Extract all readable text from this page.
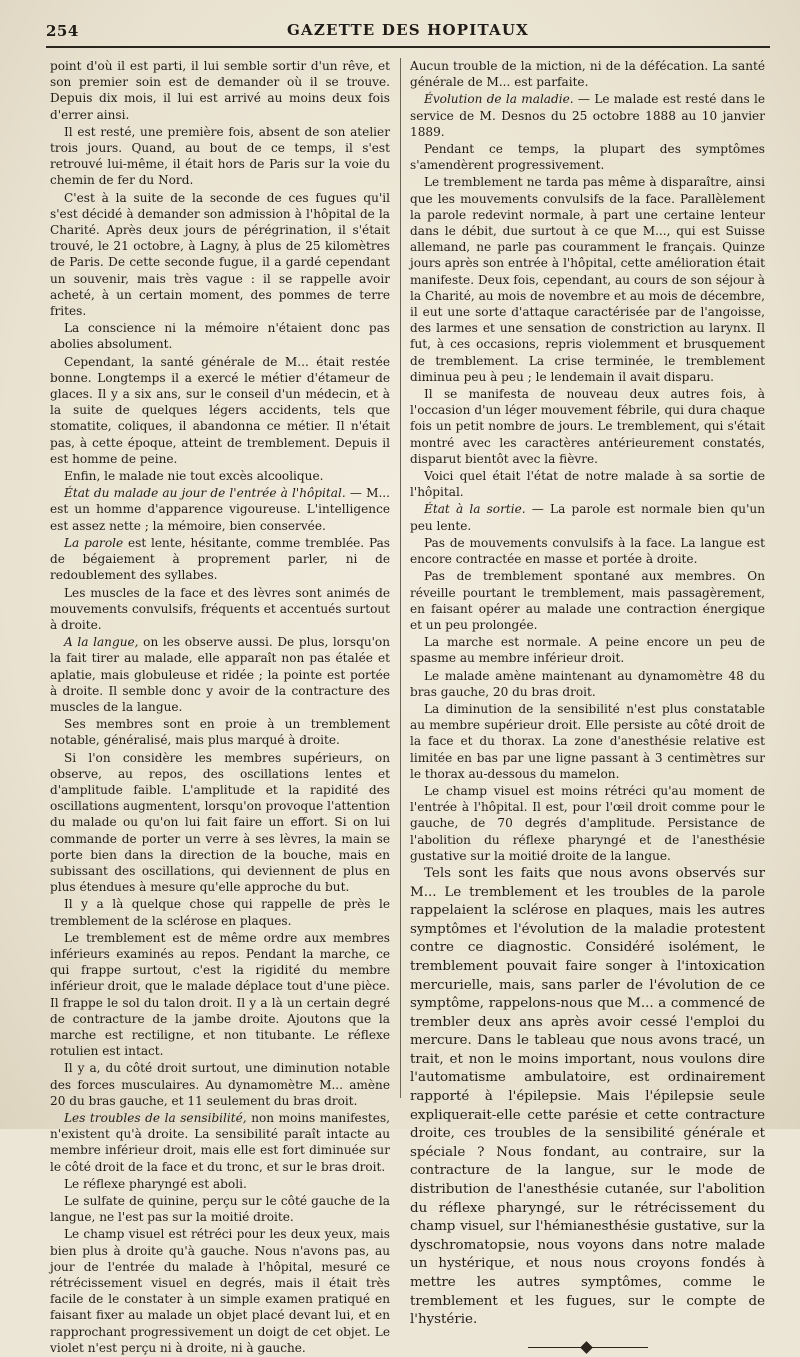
254	GAZETTE DES HOPITAUX

point d'où il est parti, il lui semble sortir d'un rêve, et son premier soin est de demander où il se trouve. Depuis dix mois, il lui est arrivé au moins deux fois d'errer ainsi.

Il est resté, une première fois, absent de son atelier trois jours. Quand, au bout de ce temps, il s'est retrouvé lui-même, il était hors de Paris sur la voie du chemin de fer du Nord.

C'est à la suite de la seconde de ces fugues qu'il s'est décidé à demander son admission à l'hôpital de la Charité. Après deux jours de pérégrination, il s'était trouvé, le 21 octobre, à Lagny, à plus de 25 kilomètres de Paris. De cette seconde fugue, il a gardé cependant un souvenir, mais très vague : il se rappelle avoir acheté, à un certain moment, des pommes de terre frites.

La conscience ni la mémoire n'étaient donc pas abolies absolument.

Cependant, la santé générale de M... était restée bonne. Longtemps il a exercé le métier d'étameur de glaces. Il y a six ans, sur le conseil d'un médecin, et à la suite de quelques légers accidents, tels que stomatite, coliques, il abandonna ce métier. Il n'était pas, à cette époque, atteint de tremblement. Depuis il est homme de peine.

Enfin, le malade nie tout excès alcoolique.

État du malade au jour de l'entrée à l'hôpital. — M... est un homme d'apparence vigoureuse. L'intelligence est assez nette ; la mémoire, bien conservée.

La parole est lente, hésitante, comme tremblée. Pas de bégaiement à proprement parler, ni de redoublement des syllabes.

Les muscles de la face et des lèvres sont animés de mouvements convulsifs, fréquents et accentués surtout à droite.

A la langue, on les observe aussi. De plus, lorsqu'on la fait tirer au malade, elle apparaît non pas étalée et aplatie, mais globuleuse et ridée ; la pointe est portée à droite. Il semble donc y avoir de la contracture des muscles de la langue.

Ses membres sont en proie à un tremblement notable, généralisé, mais plus marqué à droite.

Si l'on considère les membres supérieurs, on observe, au repos, des oscillations lentes et d'amplitude faible. L'amplitude et la rapidité des oscillations augmentent, lorsqu'on provoque l'attention du malade ou qu'on lui fait faire un effort. Si on lui commande de porter un verre à ses lèvres, la main se porte bien dans la direction de la bouche, mais en subissant des oscillations, qui deviennent de plus en plus étendues à mesure qu'elle approche du but.

Il y a là quelque chose qui rappelle de près le tremblement de la sclérose en plaques.

Le tremblement est de même ordre aux membres inférieurs examinés au repos. Pendant la marche, ce qui frappe surtout, c'est la rigidité du membre inférieur droit, que le malade déplace tout d'une pièce. Il frappe le sol du talon droit. Il y a là un certain degré de contracture de la jambe droite. Ajoutons que la marche est rectiligne, et non titubante. Le réflexe rotulien est intact.

Il y a, du côté droit surtout, une diminution notable des forces musculaires. Au dynamomètre M... amène 20 du bras gauche, et 11 seulement du bras droit.

Les troubles de la sensibilité, non moins manifestes, n'existent qu'à droite. La sensibilité paraît intacte au membre inférieur droit, mais elle est fort diminuée sur le côté droit de la face et du tronc, et sur le bras droit.

Le réflexe pharyngé est aboli.

Le sulfate de quinine, perçu sur le côté gauche de la langue, ne l'est pas sur la moitié droite.

Le champ visuel est rétréci pour les deux yeux, mais bien plus à droite qu'à gauche. Nous n'avons pas, au jour de l'entrée du malade à l'hôpital, mesuré ce rétrécissement visuel en degrés, mais il était très facile de le constater à un simple examen pratiqué en faisant fixer au malade un objet placé devant lui, et en rapprochant progressivement un doigt de cet objet. Le violet n'est perçu ni à droite, ni à gauche.

Aucun trouble de la miction, ni de la défécation. La santé générale de M... est parfaite.

Évolution de la maladie. — Le malade est resté dans le service de M. Desnos du 25 octobre 1888 au 10 janvier 1889.

Pendant ce temps, la plupart des symptômes s'amendèrent progressivement.

Le tremblement ne tarda pas même à disparaître, ainsi que les mouvements convulsifs de la face. Parallèlement la parole redevint normale, à part une certaine lenteur dans le débit, due surtout à ce que M..., qui est Suisse allemand, ne parle pas couramment le français. Quinze jours après son entrée à l'hôpital, cette amélioration était manifeste. Deux fois, cependant, au cours de son séjour à la Charité, au mois de novembre et au mois de décembre, il eut une sorte d'attaque caractérisée par de l'angoisse, des larmes et une sensation de constriction au larynx. Il fut, à ces occasions, repris violemment et brusquement de tremblement. La crise terminée, le tremblement diminua peu à peu ; le lendemain il avait disparu.

Il se manifesta de nouveau deux autres fois, à l'occasion d'un léger mouvement fébrile, qui dura chaque fois un petit nombre de jours. Le tremblement, qui s'était montré avec les caractères antérieurement constatés, disparut bientôt avec la fièvre.

Voici quel était l'état de notre malade à sa sortie de l'hôpital.

État à la sortie. — La parole est normale bien qu'un peu lente.

Pas de mouvements convulsifs à la face. La langue est encore contractée en masse et portée à droite.

Pas de tremblement spontané aux membres. On réveille pourtant le tremblement, mais passagèrement, en faisant opérer au malade une contraction énergique et un peu prolongée.

La marche est normale. A peine encore un peu de spasme au membre inférieur droit.

Le malade amène maintenant au dynamomètre 48 du bras gauche, 20 du bras droit.

La diminution de la sensibilité n'est plus constatable au membre supérieur droit. Elle persiste au côté droit de la face et du thorax. La zone d'anesthésie relative est limitée en bas par une ligne passant à 3 centimètres sur le thorax au-dessous du mamelon.

Le champ visuel est moins rétréci qu'au moment de l'entrée à l'hôpital. Il est, pour l'œil droit comme pour le gauche, de 70 degrés d'amplitude. Persistance de l'abolition du réflexe pharyngé et de l'anesthésie gustative sur la moitié droite de la langue.

Tels sont les faits que nous avons observés sur M... Le tremblement et les troubles de la parole rappelaient la sclérose en plaques, mais les autres symptômes et l'évolution de la maladie protestent contre ce diagnostic. Considéré isolément, le tremblement pouvait faire songer à l'intoxication mercurielle, mais, sans parler de l'évolution de ce symptôme, rappelons-nous que M... a commencé de trembler deux ans après avoir cessé l'emploi du mercure. Dans le tableau que nous avons tracé, un trait, et non le moins important, nous voulons dire l'automatisme ambulatoire, est ordinairement rapporté à l'épilepsie. Mais l'épilepsie seule expliquerait-elle cette parésie et cette contracture droite, ces troubles de la sensibilité générale et spéciale ? Nous fondant, au contraire, sur la contracture de la langue, sur le mode de distribution de l'anesthésie cutanée, sur l'abolition du réflexe pharyngé, sur le rétrécissement du champ visuel, sur l'hémianesthésie gustative, sur la dyschromatopsie, nous voyons dans notre malade un hystérique, et nous nous croyons fondés à mettre les autres symptômes, comme le tremblement et les fugues, sur le compte de l'hystérie.
